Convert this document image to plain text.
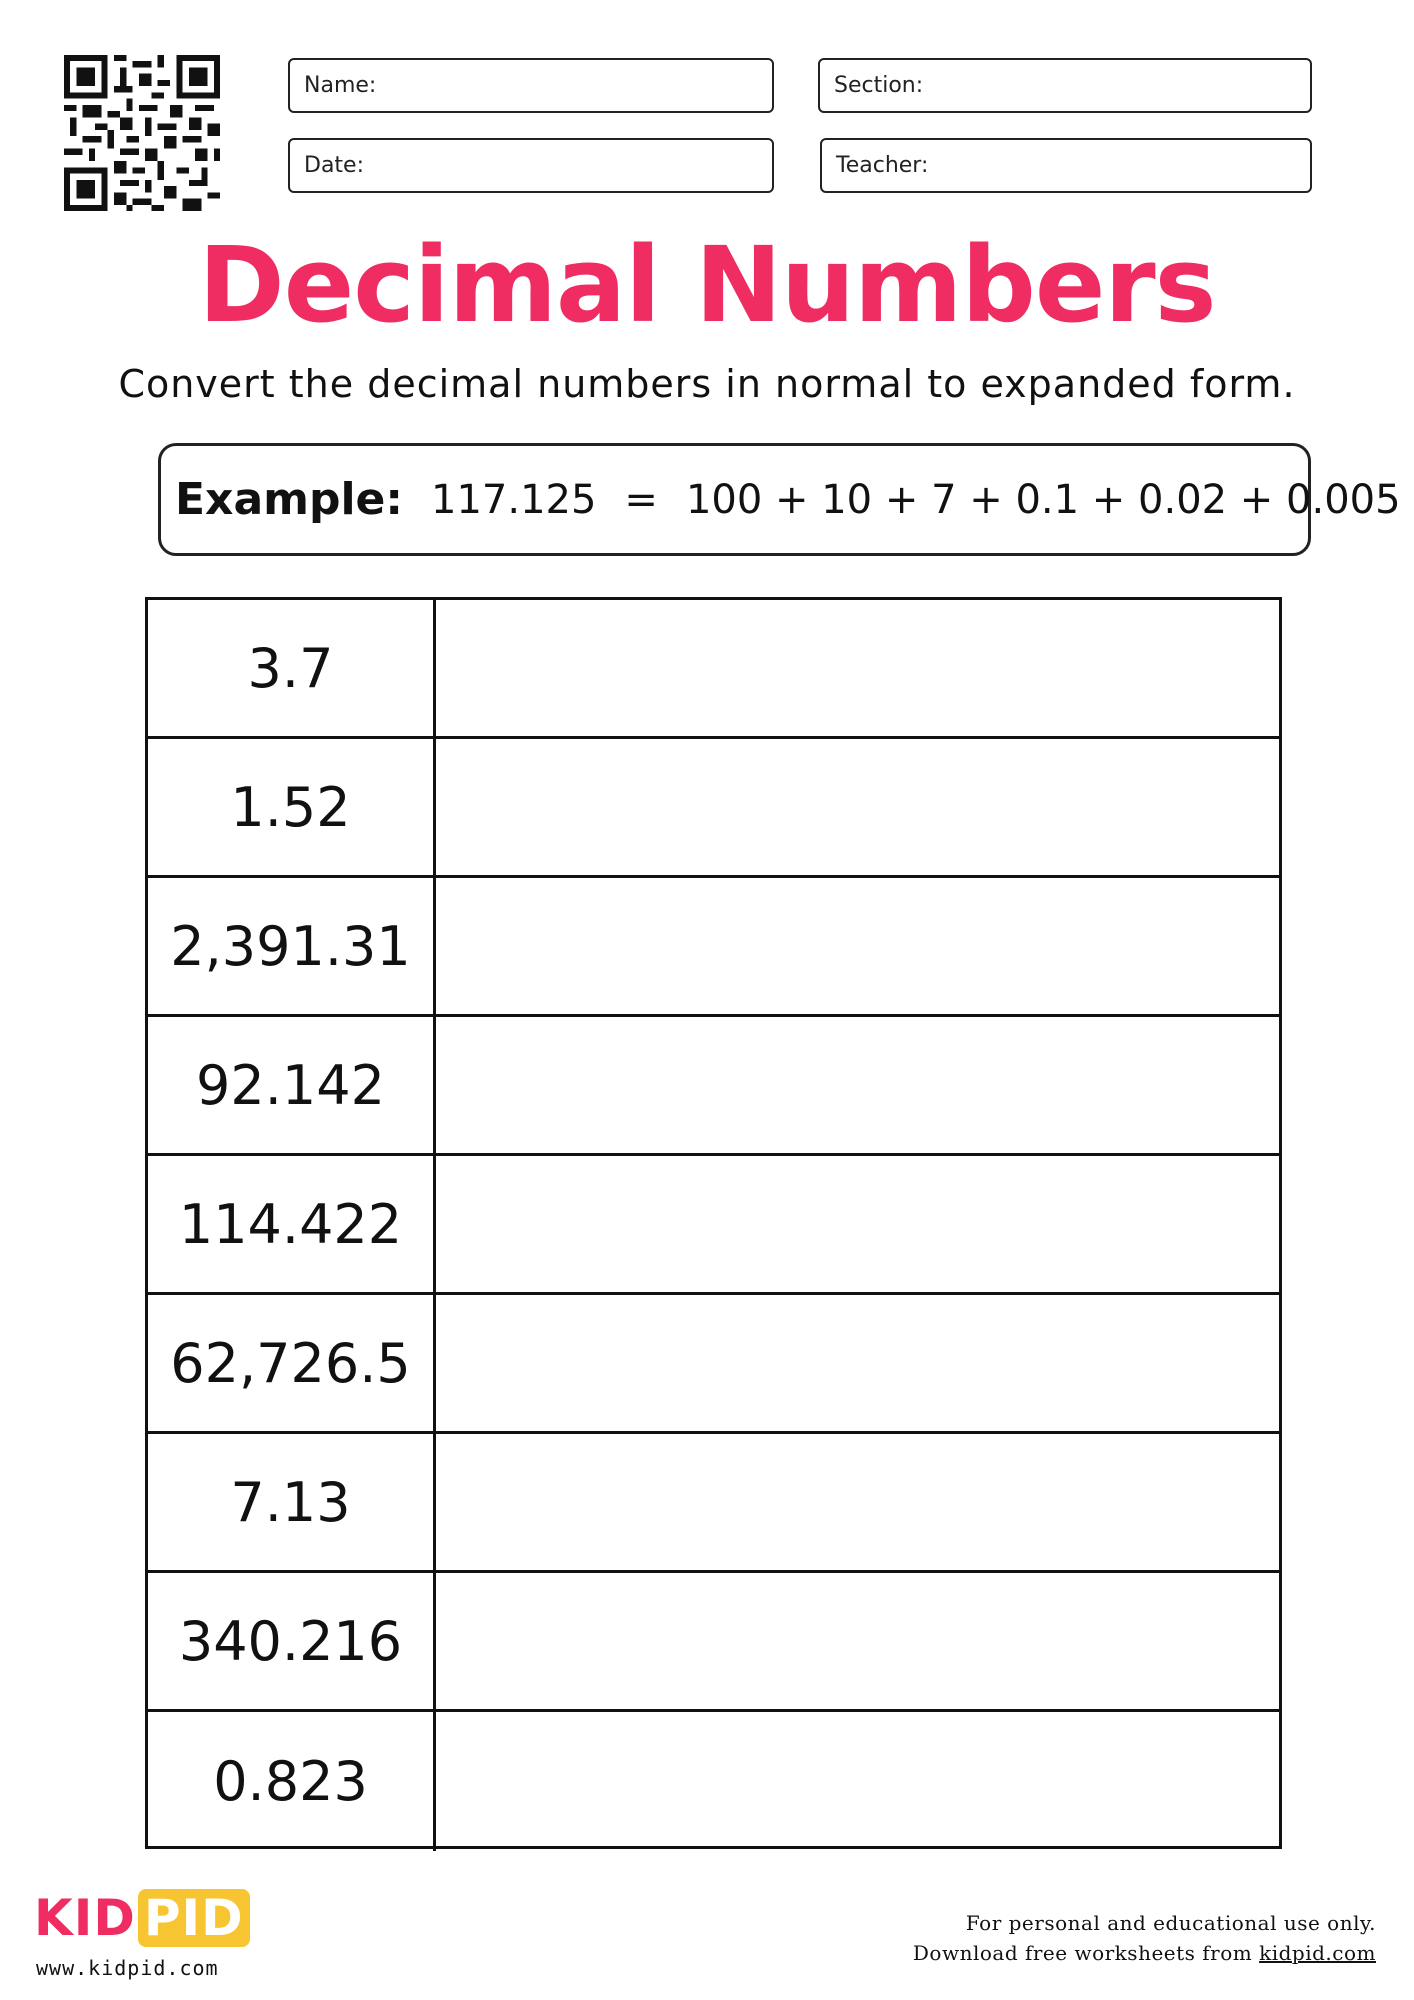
Name:	Section:
Date:	Teacher:
Decimal Numbers
Convert the decimal numbers in normal to expanded form.
Example: 117.125 = 100 + 10 + 7 + 0.1 + 0.02 + 0.005
3.7
1.52
2,391.31
92.142
114.422
62,726.5
7.13
340.216
0.823
KID PID
www.kidpid.com
For personal and educational use only.
Download free worksheets from kidpid.com
